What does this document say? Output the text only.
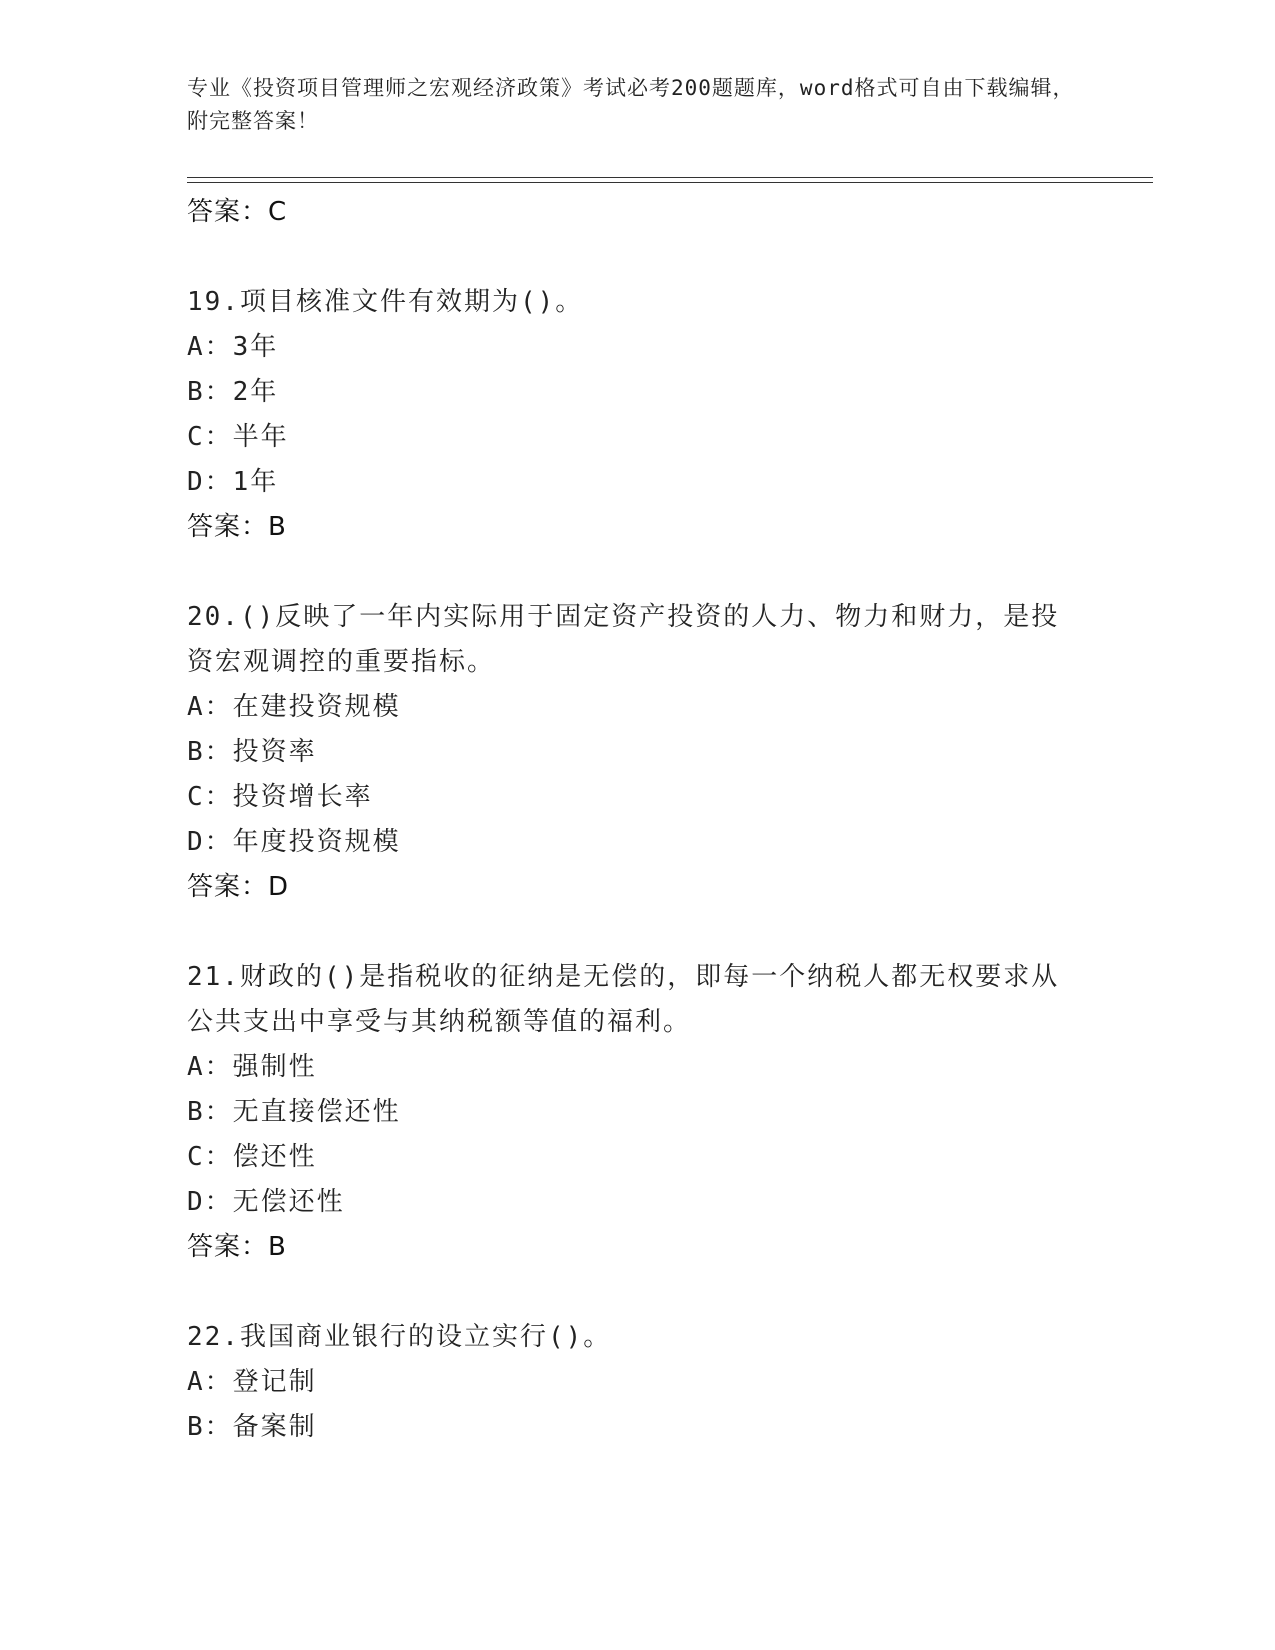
专业《投资项目管理师之宏观经济政策》考试必考200题题库，word格式可自由下载编辑，附完整答案！
答案：C
19.项目核准文件有效期为()。
A：3年
B：2年
C：半年
D：1年
答案：B
20.()反映了一年内实际用于固定资产投资的人力、物力和财力，是投资宏观调控的重要指标。
A：在建投资规模
B：投资率
C：投资增长率
D：年度投资规模
答案：D
21.财政的()是指税收的征纳是无偿的，即每一个纳税人都无权要求从公共支出中享受与其纳税额等值的福利。
A：强制性
B：无直接偿还性
C：偿还性
D：无偿还性
答案：B
22.我国商业银行的设立实行()。
A：登记制
B：备案制
